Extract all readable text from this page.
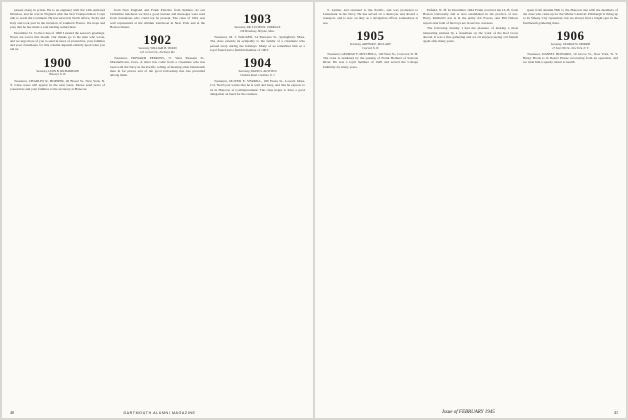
passed along in action. He is an engineer with the 14th Armored Division, and he was in England with the first Transportation Corps unit to reach the Continent. He has served in North Africa, Sicily and Italy and took part in the invasion of southern France. We hope and pray that he has made a safe landing somewhere.

December 31. To the Class of 1900 I extend the season's greetings. Notes are scarce this month. Our thanks go to the men who wrote, and we urge more of you to send in news of yourselves, your families and your classmates, for this column depends entirely upon what you tell us.

1900
Secretary, LEON B. RICHARDSON
Hanover, N. H.

Treasurer, CHARLES R. HORNER, 26 Broad St., New York, N. Y. Class notes will appear in the next issue. Please send news of yourselves and your families to the secretary at Hanover.

from New England and Frank Fletcher from Indiana. At our Christmas luncheon we had a good turnout and messages were read from classmates who could not be present. The class of 1901 was well represented at the Alumni Luncheon in New York and at the Boston dinner.

1902
Secretary, WILLIAM H. WOOD
120 Crescent St., Portland, Me.

Treasurer, HOWARD PERKINS, 71 West Pleasant St., Marshalltown, Iowa. A letter has come from a classmate who has been with the Navy in the Pacific, telling of meeting other Dartmouth men in far places and of the good fellowship that has prevailed among them.

1903
Secretary, DR. LUCIEN R. VORRACE
198 Broadway, Holyoke, Mass.

Treasurer, M. J. WALKER, 54 Brewster St., Springfield, Mass. The class extends its sympathy to the family of a classmate who passed away during the holidays. Many of us remember him as a loyal friend and a faithful member of 1903.

1904
Secretary, DAVID S. AUSTIN II
Chatham Road, Chatham, N. J.

Treasurer, OLIVER E. VERRILL, 180 Essex St., Lowell, Mass. Col. Ned Lyon writes that he is well and busy, and that he expects to be in Hanover at Commencement. The class hopes to have a good delegation on hand for the reunion.

40	DARTMOUTH ALUMNI MAGAZINE

T. Lyman, and returned to the Pacific, and was promoted to Lieutenant in the Navy. He has served on a destroyer and aboard a transport, and is now on duty as a navigation officer somewhere at sea.

1905
Secretary, ARTHUR E. McCLARY
Concord, N. H.

Treasurer, GEORGE F. MITCHELL, 120 West St., Concord, N. H. The class is saddened by the passing of Frank Holland of Saxtons River. He was a loyal member of 1905 and served the College faithfully for many years.

Enfield, N. H. In December 1944 Frank received his LL.B. from Boston University and is now established in the practice of law. Harry Kimball's son is in the Army Air Forces, and Bill Nelson reports that both of his boys are in service overseas.

The following Sunday I had the pleasure of hearing a most interesting address by a classmate on the work of the Red Cross abroad. It was a fine gathering and we all enjoyed seeing old friends again after many years.

spent from Alumni Hall to the Hanover Inn with the members of the class who came up for the Winter Carnival. Pittsburgh is living up to its Smoky City reputation, but we always find a bright spot in the Dartmouth gathering there.

1906
Secretary, GEORGE W. MORRIS
27 East 39th St., New York, N. Y.

Treasurer, DANIEL HOWARD, 19 Grove St., New York, N. Y. Henry Brock is in Dean's House recovering from an operation, and we wish him a speedy return to health.

Issue of FEBRUARY 1945	41
